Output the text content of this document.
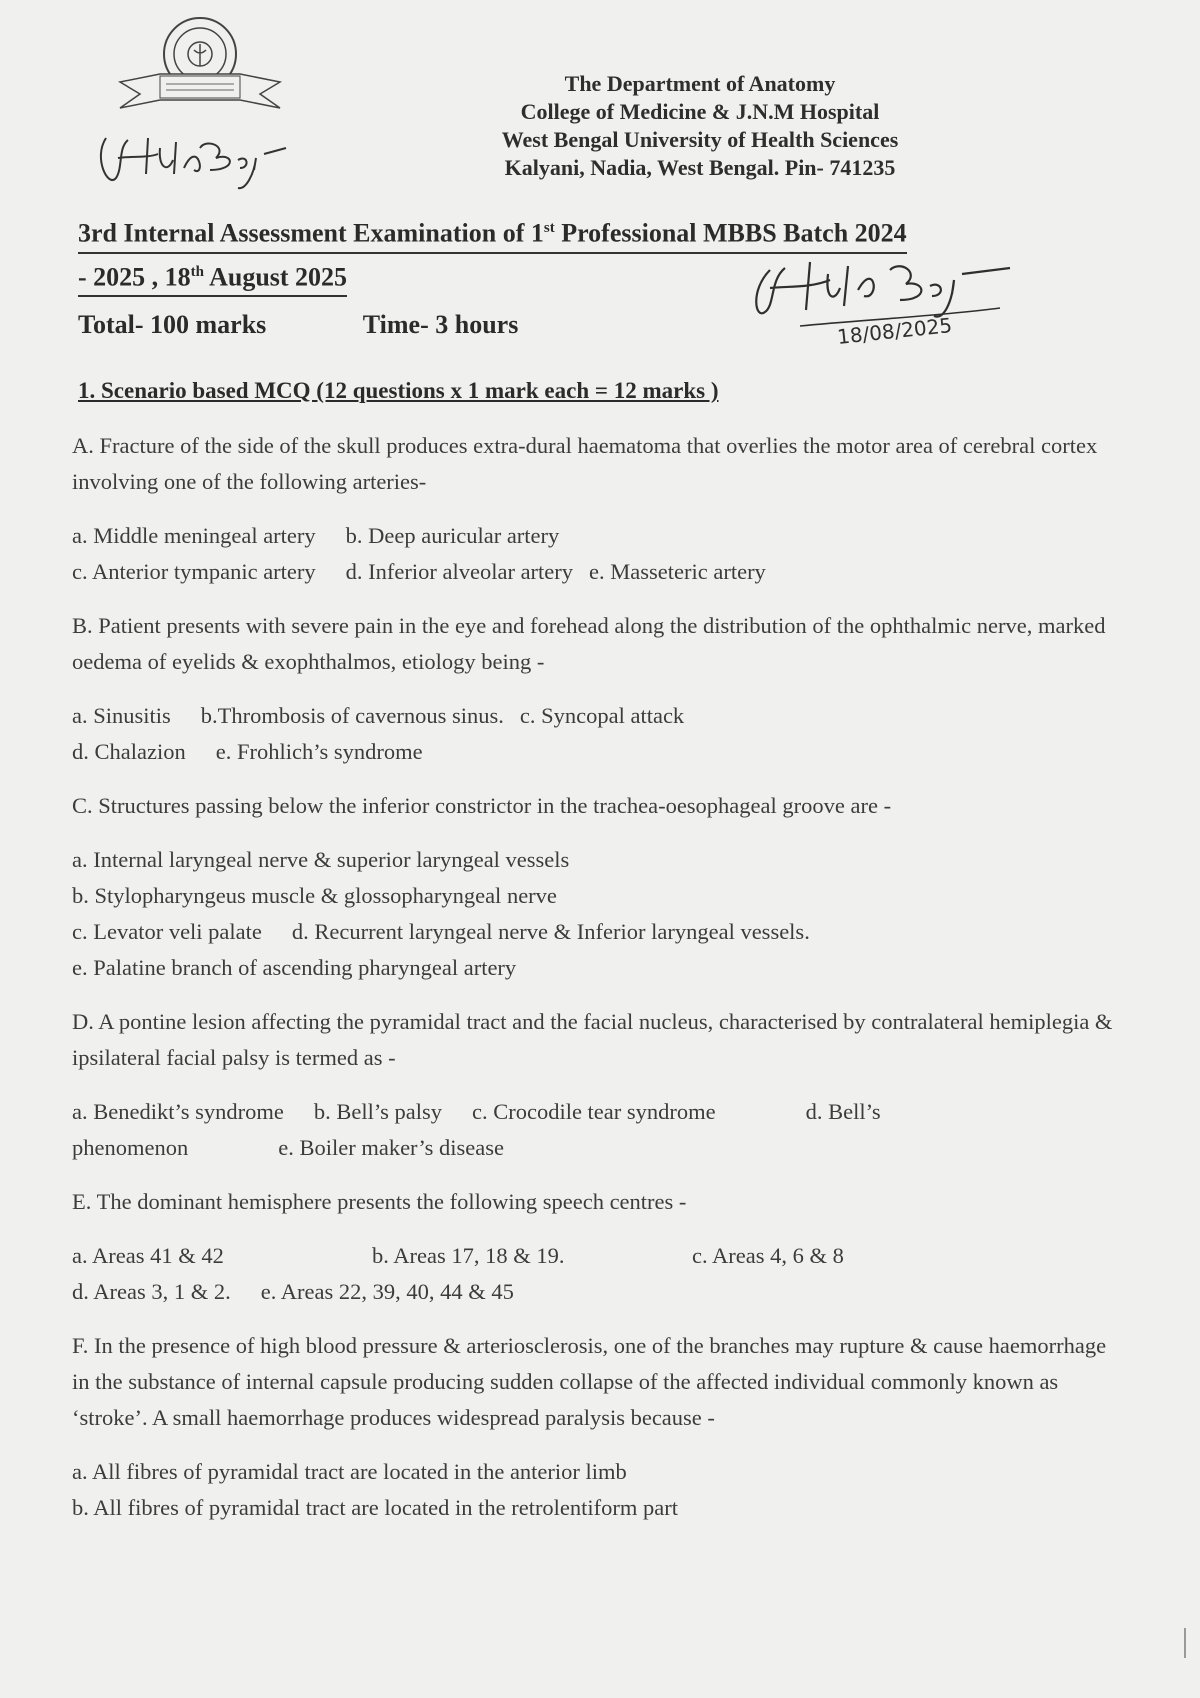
The Department of Anatomy
College of Medicine & J.N.M Hospital
West Bengal University of Health Sciences
Kalyani, Nadia, West Bengal. Pin- 741235
3rd Internal Assessment Examination of 1st Professional MBBS Batch 2024
- 2025 , 18th August 2025
Total- 100 marks	Time- 3 hours	18/08/2025
1. Scenario based MCQ (12 questions x 1 mark each = 12 marks )
A. Fracture of the side of the skull produces extra-dural haematoma that overlies the motor area of cerebral cortex involving one of the following arteries-
a. Middle meningeal artery b. Deep auricular artery
c. Anterior tympanic artery d. Inferior alveolar artery e. Masseteric artery
B. Patient presents with severe pain in the eye and forehead along the distribution of the ophthalmic nerve, marked oedema of eyelids & exophthalmos, etiology being -
a. Sinusitis b.Thrombosis of cavernous sinus. c. Syncopal attack
d. Chalazion e. Frohlich’s syndrome
C. Structures passing below the inferior constrictor in the trachea-oesophageal groove are -
a. Internal laryngeal nerve & superior laryngeal vessels
b. Stylopharyngeus muscle & glossopharyngeal nerve
c. Levator veli palate d. Recurrent laryngeal nerve & Inferior laryngeal vessels.
e. Palatine branch of ascending pharyngeal artery
D. A pontine lesion affecting the pyramidal tract and the facial nucleus, characterised by contralateral hemiplegia & ipsilateral facial palsy is termed as -
a. Benedikt’s syndrome b. Bell’s palsy c. Crocodile tear syndrome	d. Bell’s
phenomenon	e. Boiler maker’s disease
E. The dominant hemisphere presents the following speech centres -
a. Areas 41 & 42	b. Areas 17, 18 & 19.	c. Areas 4, 6 & 8
d. Areas 3, 1 & 2. e. Areas 22, 39, 40, 44 & 45
F. In the presence of high blood pressure & arteriosclerosis, one of the branches may rupture & cause haemorrhage in the substance of internal capsule producing sudden collapse of the affected individual commonly known as ‘stroke’. A small haemorrhage produces widespread paralysis because -
a. All fibres of pyramidal tract are located in the anterior limb
b. All fibres of pyramidal tract are located in the retrolentiform part
